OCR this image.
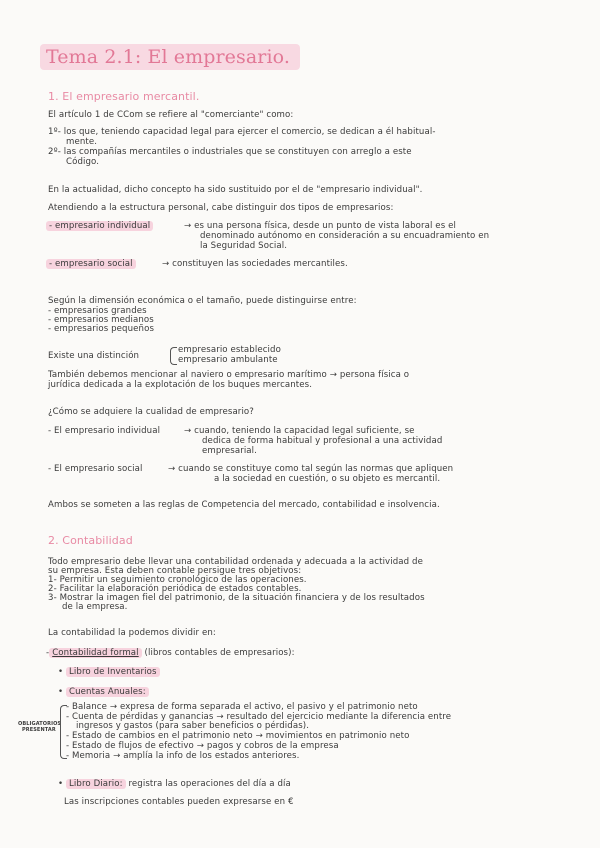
Tema 2.1: El empresario.
1. El empresario mercantil.
El artículo 1 de CCom se refiere al "comerciante" como:
1º- los que, teniendo capacidad legal para ejercer el comercio, se dedican a él habitual-
mente.
2º- las compañías mercantiles o industriales que se constituyen con arreglo a este
Código.
En la actualidad, dicho concepto ha sido sustituido por el de "empresario individual".
Atendiendo a la estructura personal, cabe distinguir dos tipos de empresarios:
- empresario individual	→ es una persona física, desde un punto de vista laboral es el
denominado autónomo en consideración a su encuadramiento en
la Seguridad Social.
- empresario social	→ constituyen las sociedades mercantiles.
Según la dimensión económica o el tamaño, puede distinguirse entre:
- empresarios grandes
- empresarios medianos
- empresarios pequeños
Existe una distinción
empresario establecido
empresario ambulante
También debemos mencionar al naviero o empresario marítimo → persona física o
jurídica dedicada a la explotación de los buques mercantes.
¿Cómo se adquiere la cualidad de empresario?
- El empresario individual	→ cuando, teniendo la capacidad legal suficiente, se
dedica de forma habitual y profesional a una actividad
empresarial.
- El empresario social	→ cuando se constituye como tal según las normas que apliquen
a la sociedad en cuestión, o su objeto es mercantil.
Ambos se someten a las reglas de Competencia del mercado, contabilidad e insolvencia.
2. Contabilidad
Todo empresario debe llevar una contabilidad ordenada y adecuada a la actividad de
su empresa. Esta deben contable persigue tres objetivos:
1- Permitir un seguimiento cronológico de las operaciones.
2- Facilitar la elaboración periódica de estados contables.
3- Mostrar la imagen fiel del patrimonio, de la situación financiera y de los resultados
de la empresa.
La contabilidad la podemos dividir en:
- Contabilidad formal (libros contables de empresarios):
• Libro de Inventarios
• Cuentas Anuales:
OBLIGATORIOS
PRESENTAR
- Balance → expresa de forma separada el activo, el pasivo y el patrimonio neto
- Cuenta de pérdidas y ganancias → resultado del ejercicio mediante la diferencia entre
ingresos y gastos (para saber beneficios o pérdidas).
- Estado de cambios en el patrimonio neto → movimientos en patrimonio neto
- Estado de flujos de efectivo → pagos y cobros de la empresa
- Memoria → amplía la info de los estados anteriores.
• Libro Diario: registra las operaciones del día a día
Las inscripciones contables pueden expresarse en €
